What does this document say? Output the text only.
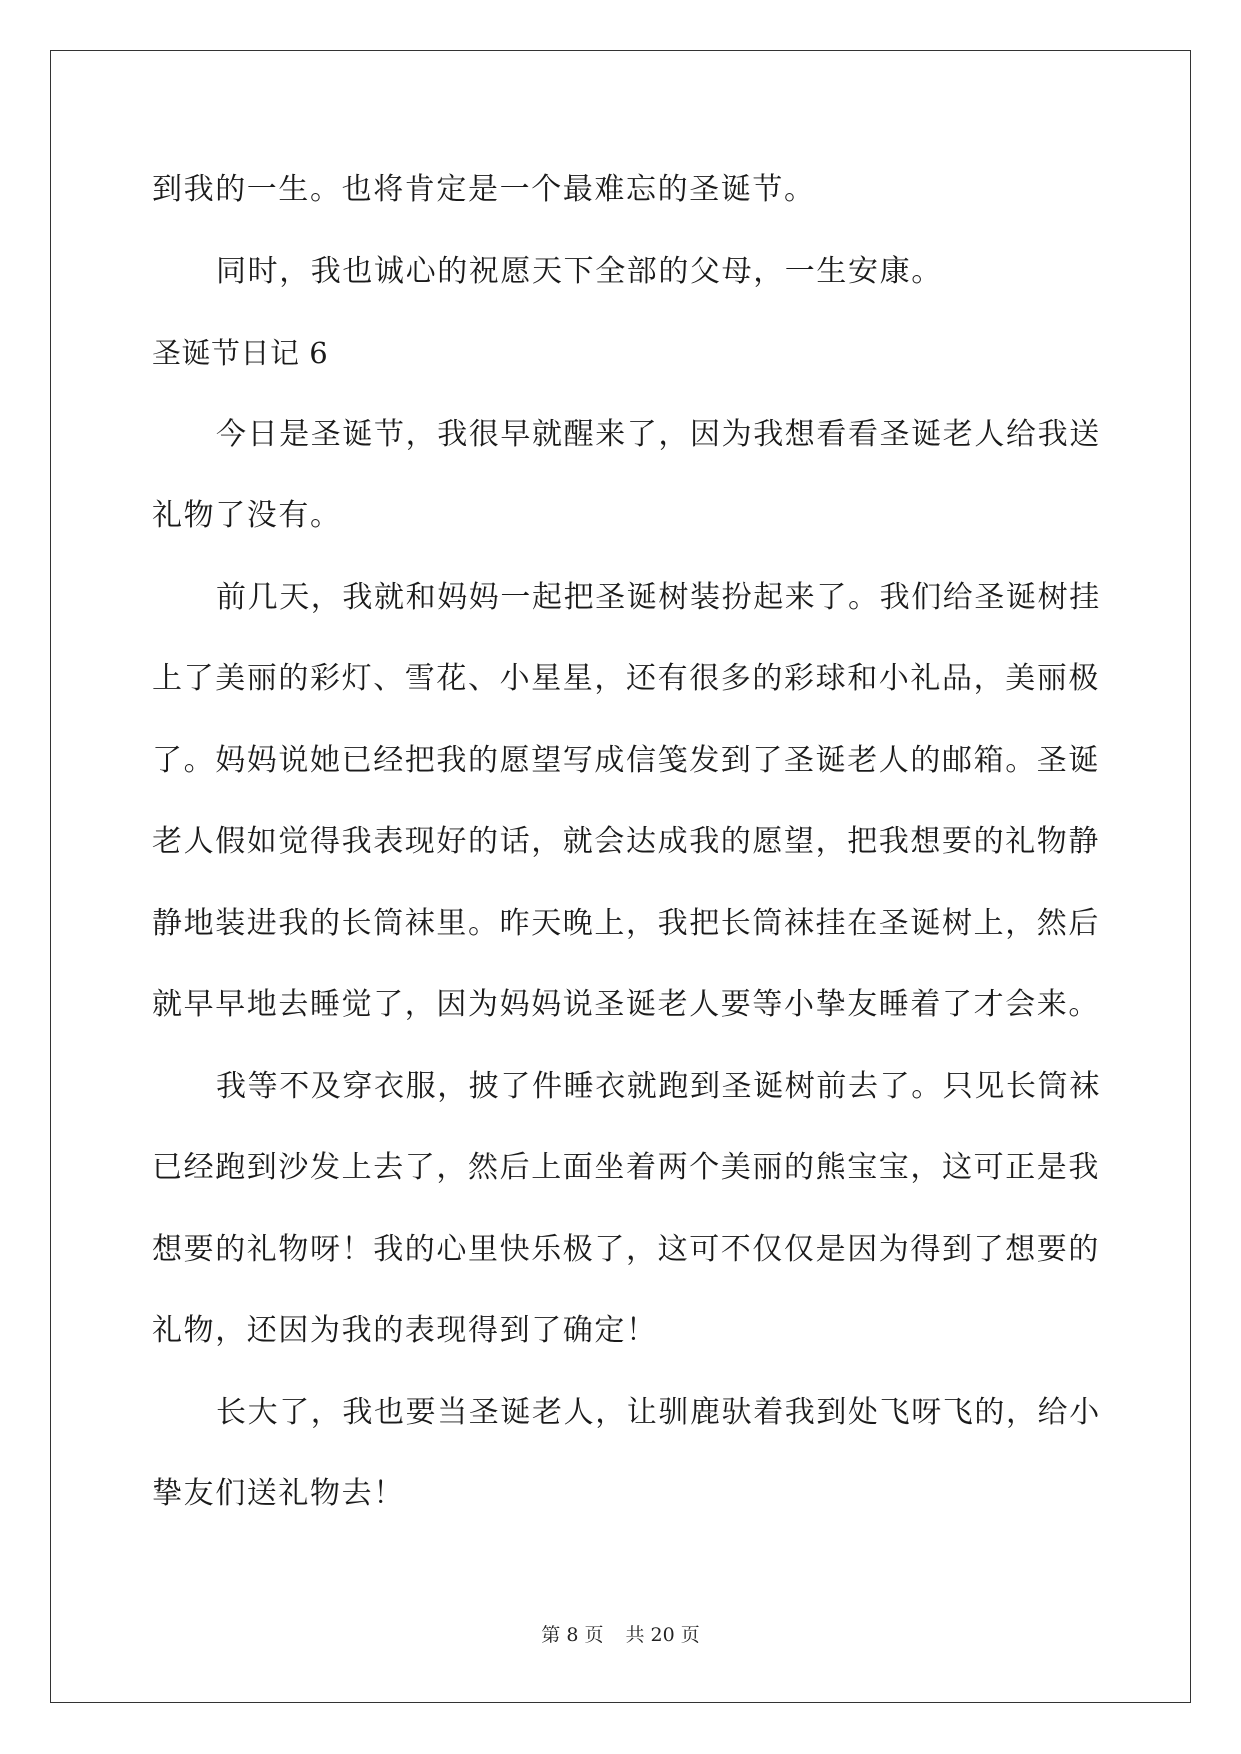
到我的一生。也将肯定是一个最难忘的圣诞节。
同时，我也诚心的祝愿天下全部的父母，一生安康。
圣诞节日记 6
今日是圣诞节，我很早就醒来了，因为我想看看圣诞老人给我送
礼物了没有。
前几天，我就和妈妈一起把圣诞树装扮起来了。我们给圣诞树挂
上了美丽的彩灯、雪花、小星星，还有很多的彩球和小礼品，美丽极
了。妈妈说她已经把我的愿望写成信笺发到了圣诞老人的邮箱。圣诞
老人假如觉得我表现好的话，就会达成我的愿望，把我想要的礼物静
静地装进我的长筒袜里。昨天晚上，我把长筒袜挂在圣诞树上，然后
就早早地去睡觉了，因为妈妈说圣诞老人要等小挚友睡着了才会来。
我等不及穿衣服，披了件睡衣就跑到圣诞树前去了。只见长筒袜
已经跑到沙发上去了，然后上面坐着两个美丽的熊宝宝，这可正是我
想要的礼物呀！我的心里快乐极了，这可不仅仅是因为得到了想要的
礼物，还因为我的表现得到了确定！
长大了，我也要当圣诞老人，让驯鹿驮着我到处飞呀飞的，给小
挚友们送礼物去！
第 8 页 共 20 页
